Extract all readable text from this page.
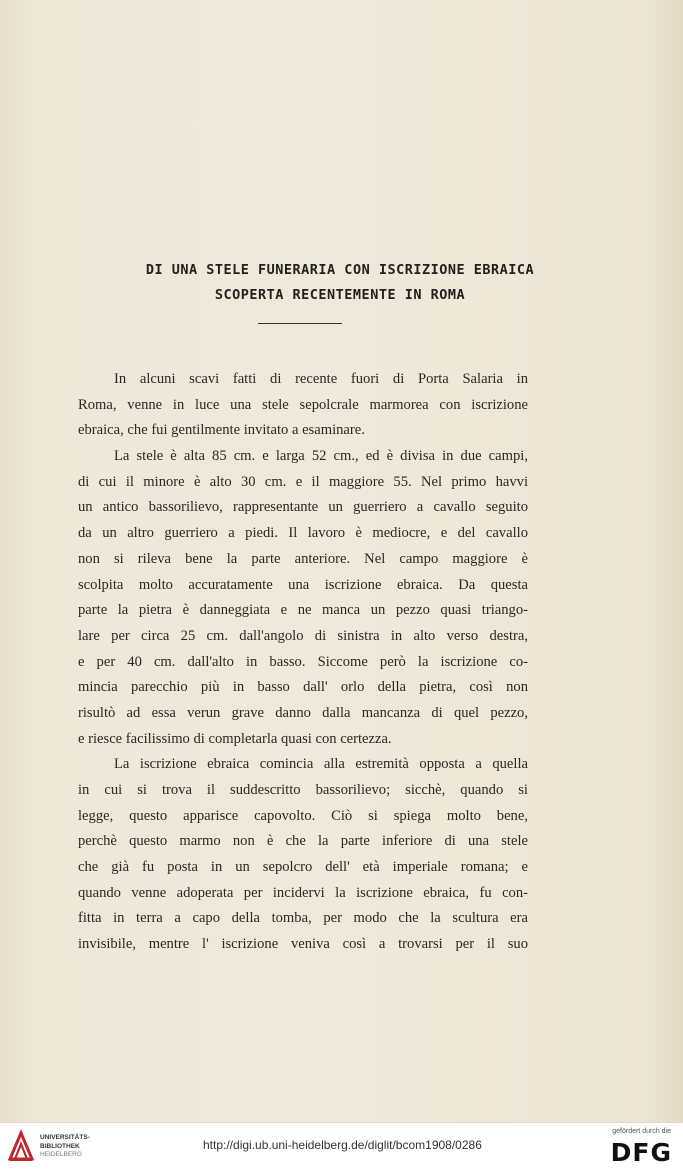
DI UNA STELE FUNERARIA CON ISCRIZIONE EBRAICA
SCOPERTA RECENTEMENTE IN ROMA
In alcuni scavi fatti di recente fuori di Porta Salaria in
Roma, venne in luce una stele sepolcrale marmorea con iscrizione
ebraica, che fui gentilmente invitato a esaminare.
La stele è alta 85 cm. e larga 52 cm., ed è divisa in due campi,
di cui il minore è alto 30 cm. e il maggiore 55. Nel primo havvi
un antico bassorilievo, rappresentante un guerriero a cavallo seguito
da un altro guerriero a piedi. Il lavoro è mediocre, e del cavallo
non si rileva bene la parte anteriore. Nel campo maggiore è
scolpita molto accuratamente una iscrizione ebraica. Da questa
parte la pietra è danneggiata e ne manca un pezzo quasi triango-
lare per circa 25 cm. dall'angolo di sinistra in alto verso destra,
e per 40 cm. dall'alto in basso. Siccome però la iscrizione co-
mincia parecchio più in basso dall' orlo della pietra, così non
risultò ad essa verun grave danno dalla mancanza di quel pezzo,
e riesce facilissimo di completarla quasi con certezza.
La iscrizione ebraica comincia alla estremità opposta a quella
in cui si trova il suddescritto bassorilievo; sicchè, quando si
legge, questo apparisce capovolto. Ciò si spiega molto bene,
perchè questo marmo non è che la parte inferiore di una stele
che già fu posta in un sepolcro dell' età imperiale romana; e
quando venne adoperata per incidervi la iscrizione ebraica, fu con-
fitta in terra a capo della tomba, per modo che la scultura era
invisibile, mentre l' iscrizione veniva così a trovarsi per il suo
UNIVERSITÄTS-
BIBLIOTHEK
HEIDELBERG
http://digi.ub.uni-heidelberg.de/diglit/bcom1908/0286
gefördert durch die
DFG
